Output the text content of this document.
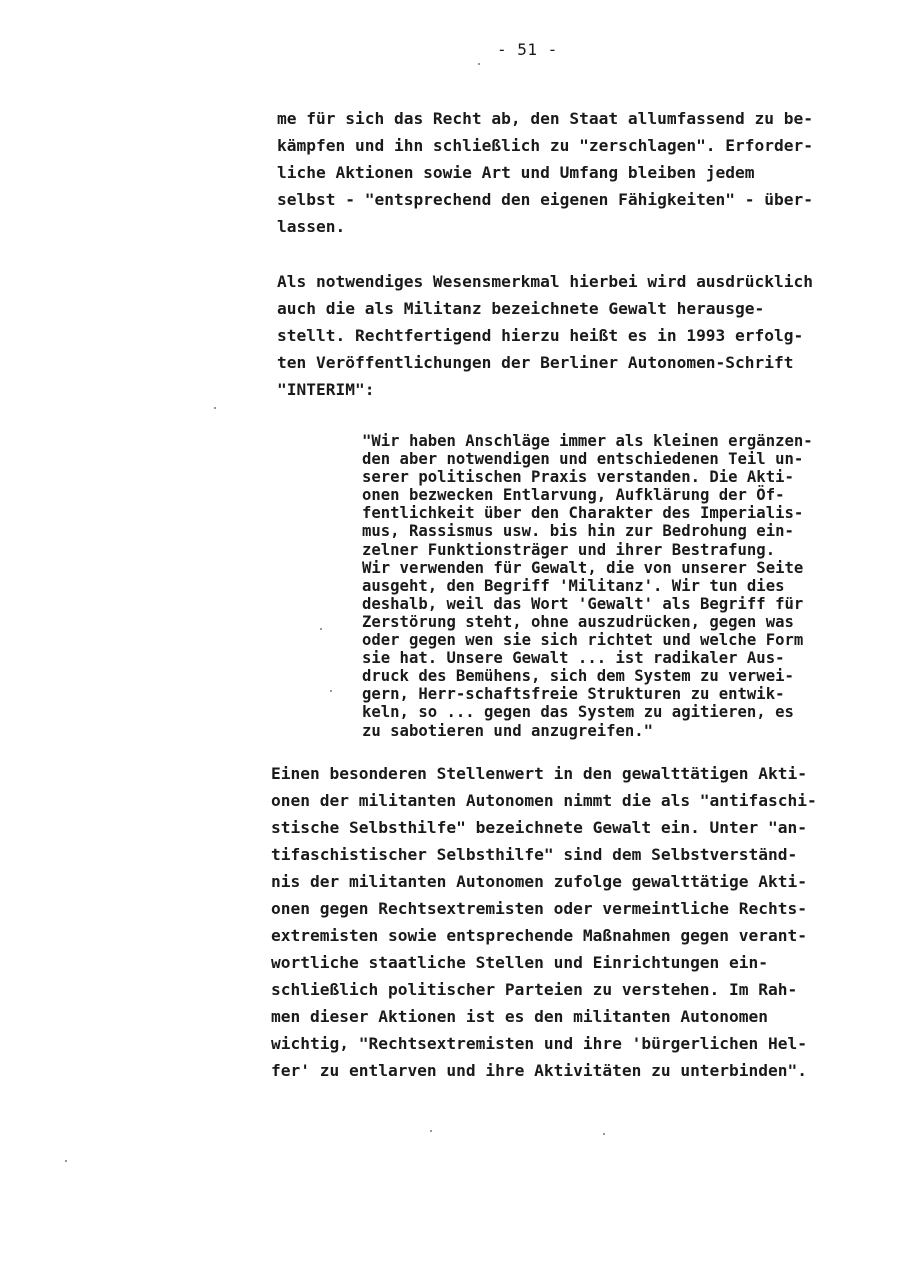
- 51 -
me für sich das Recht ab, den Staat allumfassend zu be-
kämpfen und ihn schließlich zu "zerschlagen". Erforder-
liche Aktionen sowie Art und Umfang bleiben jedem
selbst - "entsprechend den eigenen Fähigkeiten" - über-
lassen.
Als notwendiges Wesensmerkmal hierbei wird ausdrücklich
auch die als Militanz bezeichnete Gewalt herausge-
stellt. Rechtfertigend hierzu heißt es in 1993 erfolg-
ten Veröffentlichungen der Berliner Autonomen-Schrift
"INTERIM":
"Wir haben Anschläge immer als kleinen ergänzen-
den aber notwendigen und entschiedenen Teil un-
serer politischen Praxis verstanden. Die Akti-
onen bezwecken Entlarvung, Aufklärung der Öf-
fentlichkeit über den Charakter des Imperialis-
mus, Rassismus usw. bis hin zur Bedrohung ein-
zelner Funktionsträger und ihrer Bestrafung.
Wir verwenden für Gewalt, die von unserer Seite
ausgeht, den Begriff 'Militanz'. Wir tun dies
deshalb, weil das Wort 'Gewalt' als Begriff für
Zerstörung steht, ohne auszudrücken, gegen was
oder gegen wen sie sich richtet und welche Form
sie hat. Unsere Gewalt ... ist radikaler Aus-
druck des Bemühens, sich dem System zu verwei-
gern, Herr-schaftsfreie Strukturen zu entwik-
keln, so ... gegen das System zu agitieren, es
zu sabotieren und anzugreifen."
Einen besonderen Stellenwert in den gewalttätigen Akti-
onen der militanten Autonomen nimmt die als "antifaschi-
stische Selbsthilfe" bezeichnete Gewalt ein. Unter "an-
tifaschistischer Selbsthilfe" sind dem Selbstverständ-
nis der militanten Autonomen zufolge gewalttätige Akti-
onen gegen Rechtsextremisten oder vermeintliche Rechts-
extremisten sowie entsprechende Maßnahmen gegen verant-
wortliche staatliche Stellen und Einrichtungen ein-
schließlich politischer Parteien zu verstehen. Im Rah-
men dieser Aktionen ist es den militanten Autonomen
wichtig, "Rechtsextremisten und ihre 'bürgerlichen Hel-
fer' zu entlarven und ihre Aktivitäten zu unterbinden".
